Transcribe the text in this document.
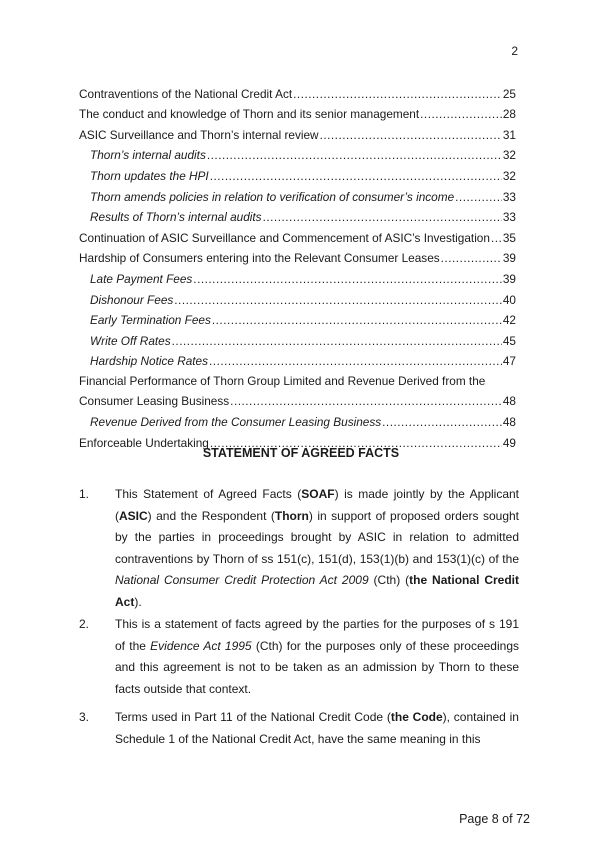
2
Contraventions of the National Credit Act .....	25
The conduct and knowledge of Thorn and its senior management .....	28
ASIC Surveillance and Thorn’s internal review .....	31
Thorn’s internal audits .....	32
Thorn updates the HPI .....	32
Thorn amends policies in relation to verification of consumer’s income .....	33
Results of Thorn’s internal audits .....	33
Continuation of ASIC Surveillance and Commencement of ASIC’s Investigation ..... 35
Hardship of Consumers entering into the Relevant Consumer Leases .....	39
Late Payment Fees .....	39
Dishonour Fees .....	40
Early Termination Fees .....	42
Write Off Rates .....	45
Hardship Notice Rates .....	47
Financial Performance of Thorn Group Limited and Revenue Derived from the
Consumer Leasing Business .....	48
Revenue Derived from the Consumer Leasing Business .....	48
Enforceable Undertaking .....	49
STATEMENT OF AGREED FACTS
1. This Statement of Agreed Facts (SOAF) is made jointly by the Applicant (ASIC) and the Respondent (Thorn) in support of proposed orders sought by the parties in proceedings brought by ASIC in relation to admitted contraventions by Thorn of ss 151(c), 151(d), 153(1)(b) and 153(1)(c) of the National Consumer Credit Protection Act 2009 (Cth) (the National Credit Act).
2. This is a statement of facts agreed by the parties for the purposes of s 191 of the Evidence Act 1995 (Cth) for the purposes only of these proceedings and this agreement is not to be taken as an admission by Thorn to these facts outside that context.
3. Terms used in Part 11 of the National Credit Code (the Code), contained in Schedule 1 of the National Credit Act, have the same meaning in this
Page 8 of 72
